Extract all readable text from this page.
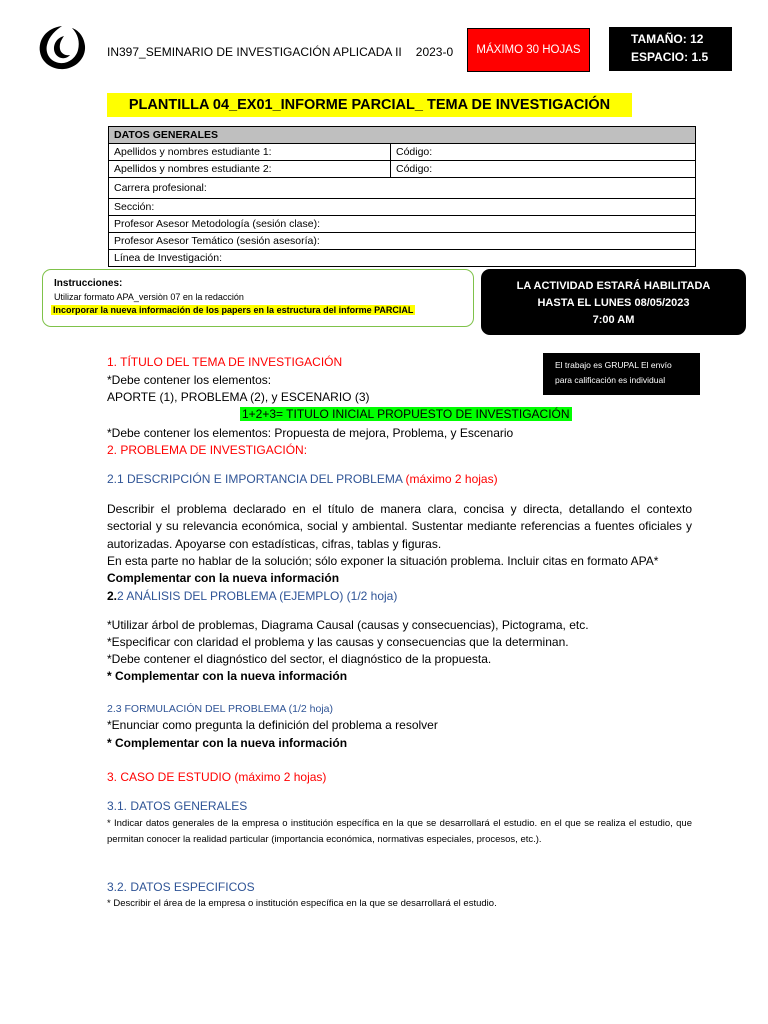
IN397_SEMINARIO DE INVESTIGACIÓN APLICADA II 2023-0	MÁXIMO 30 HOJAS
TAMAÑO: 12
ESPACIO: 1.5
PLANTILLA 04_EX01_INFORME PARCIAL_ TEMA DE INVESTIGACIÓN
DATOS GENERALES	
Apellidos y nombres estudiante 1:	Código:
Apellidos y nombres estudiante 2:	Código:
Carrera profesional:	
Sección:	
Profesor Asesor Metodología (sesión clase):	
Profesor Asesor Temático (sesión asesoría):	
Línea de Investigación:	
Instrucciones:
Utilizar formato APA_versiòn 07 en la redacción
Incorporar la nueva información de los papers en la estructura del informe PARCIAL
LA ACTIVIDAD ESTARÁ HABILITADA
HASTA EL LUNES 08/05/2023
7:00 AM
El trabajo es GRUPAL El envío
para calificación es individual
1. TÍTULO DEL TEMA DE INVESTIGACIÓN
*Debe contener los elementos:
APORTE (1), PROBLEMA (2), y ESCENARIO (3)
1+2+3= TITULO INICIAL PROPUESTO DE INVESTIGACIÓN
*Debe contener los elementos: Propuesta de mejora, Problema, y Escenario
2. PROBLEMA DE INVESTIGACIÓN:
2.1 DESCRIPCIÓN E IMPORTANCIA DEL PROBLEMA (máximo 2 hojas)
Describir el problema declarado en el título de manera clara, concisa y directa, detallando el contexto sectorial y su relevancia económica, social y ambiental. Sustentar mediante referencias a fuentes oficiales y autorizadas. Apoyarse con estadísticas, cifras, tablas y figuras.
En esta parte no hablar de la solución; sólo exponer la situación problema. Incluir citas en formato APA*
Complementar con la nueva información
2.2 ANÁLISIS DEL PROBLEMA (EJEMPLO) (1/2 hoja)
*Utilizar árbol de problemas, Diagrama Causal (causas y consecuencias), Pictograma, etc.
*Especificar con claridad el problema y las causas y consecuencias que la determinan.
*Debe contener el diagnóstico del sector, el diagnóstico de la propuesta.
* Complementar con la nueva información
2.3 FORMULACIÓN DEL PROBLEMA (1/2 hoja)
*Enunciar como pregunta la definición del problema a resolver
* Complementar con la nueva información
3. CASO DE ESTUDIO (máximo 2 hojas)
3.1. DATOS GENERALES
* Indicar datos generales de la empresa o institución específica en la que se desarrollará el estudio. en el que se realiza el estudio, que permitan conocer la realidad particular (importancia económica, normativas especiales, procesos, etc.).
3.2. DATOS ESPECIFICOS
* Describir el área de la empresa o institución específica en la que se desarrollará el estudio.
